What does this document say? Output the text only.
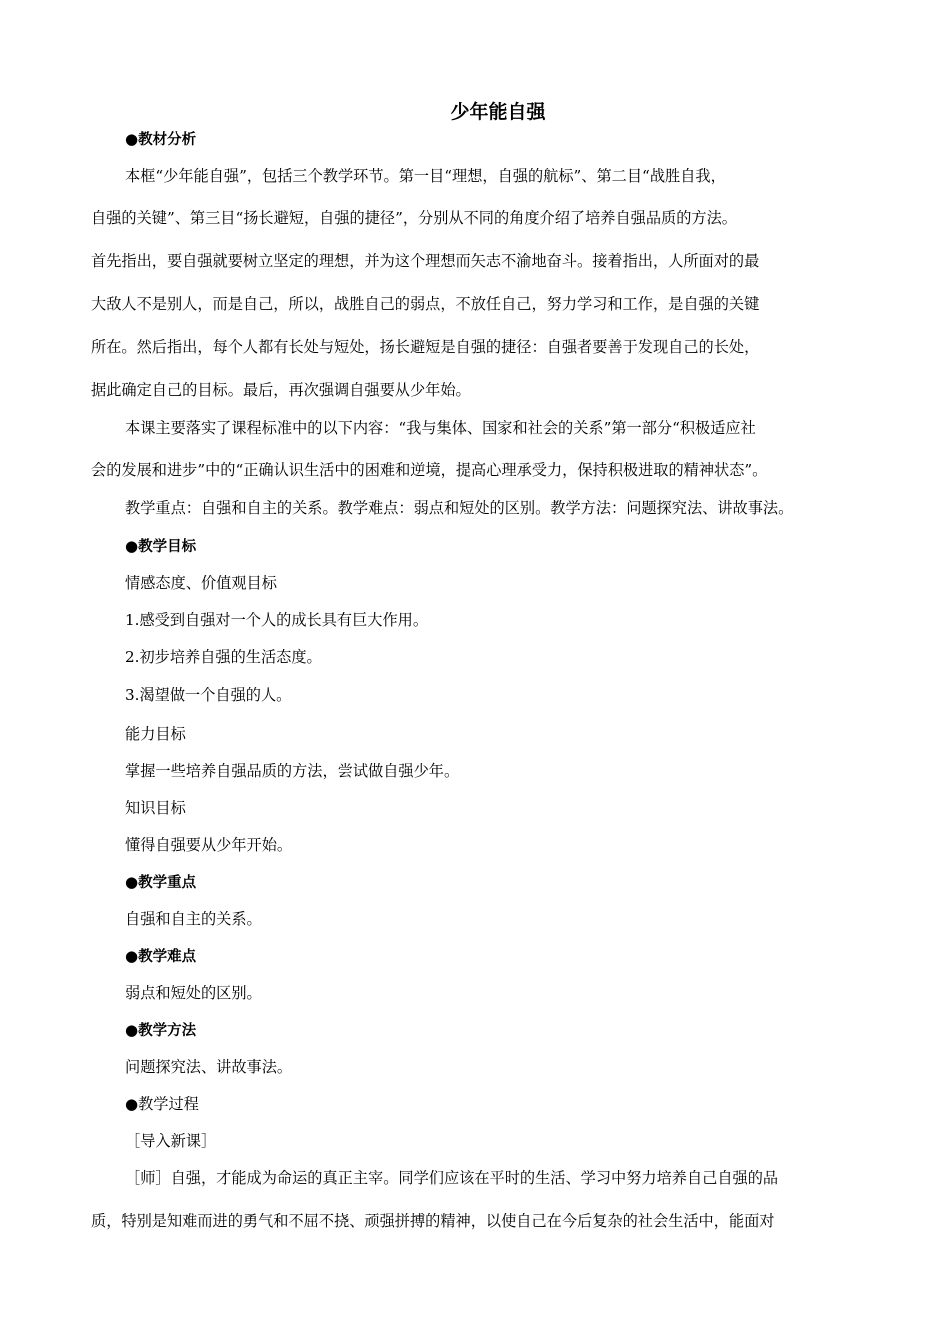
少年能自强
●教材分析
本框“少年能自强”，包括三个教学环节。第一目“理想，自强的航标”、第二目“战胜自我，
自强的关键”、第三目“扬长避短，自强的捷径”，分别从不同的角度介绍了培养自强品质的方法。
首先指出，要自强就要树立坚定的理想，并为这个理想而矢志不渝地奋斗。接着指出，人所面对的最
大敌人不是别人，而是自己，所以，战胜自己的弱点，不放任自己，努力学习和工作，是自强的关键
所在。然后指出，每个人都有长处与短处，扬长避短是自强的捷径：自强者要善于发现自己的长处，
据此确定自己的目标。最后，再次强调自强要从少年始。
本课主要落实了课程标准中的以下内容：“我与集体、国家和社会的关系”第一部分“积极适应社
会的发展和进步”中的“正确认识生活中的困难和逆境，提高心理承受力，保持积极进取的精神状态”。
教学重点：自强和自主的关系。教学难点：弱点和短处的区别。教学方法：问题探究法、讲故事法。
●教学目标
情感态度、价值观目标
1.感受到自强对一个人的成长具有巨大作用。
2.初步培养自强的生活态度。
3.渴望做一个自强的人。
能力目标
掌握一些培养自强品质的方法，尝试做自强少年。
知识目标
懂得自强要从少年开始。
●教学重点
自强和自主的关系。
●教学难点
弱点和短处的区别。
●教学方法
问题探究法、讲故事法。
●教学过程
［导入新课］
［师］自强，才能成为命运的真正主宰。同学们应该在平时的生活、学习中努力培养自己自强的品
质，特别是知难而进的勇气和不屈不挠、顽强拼搏的精神，以使自己在今后复杂的社会生活中，能面对
